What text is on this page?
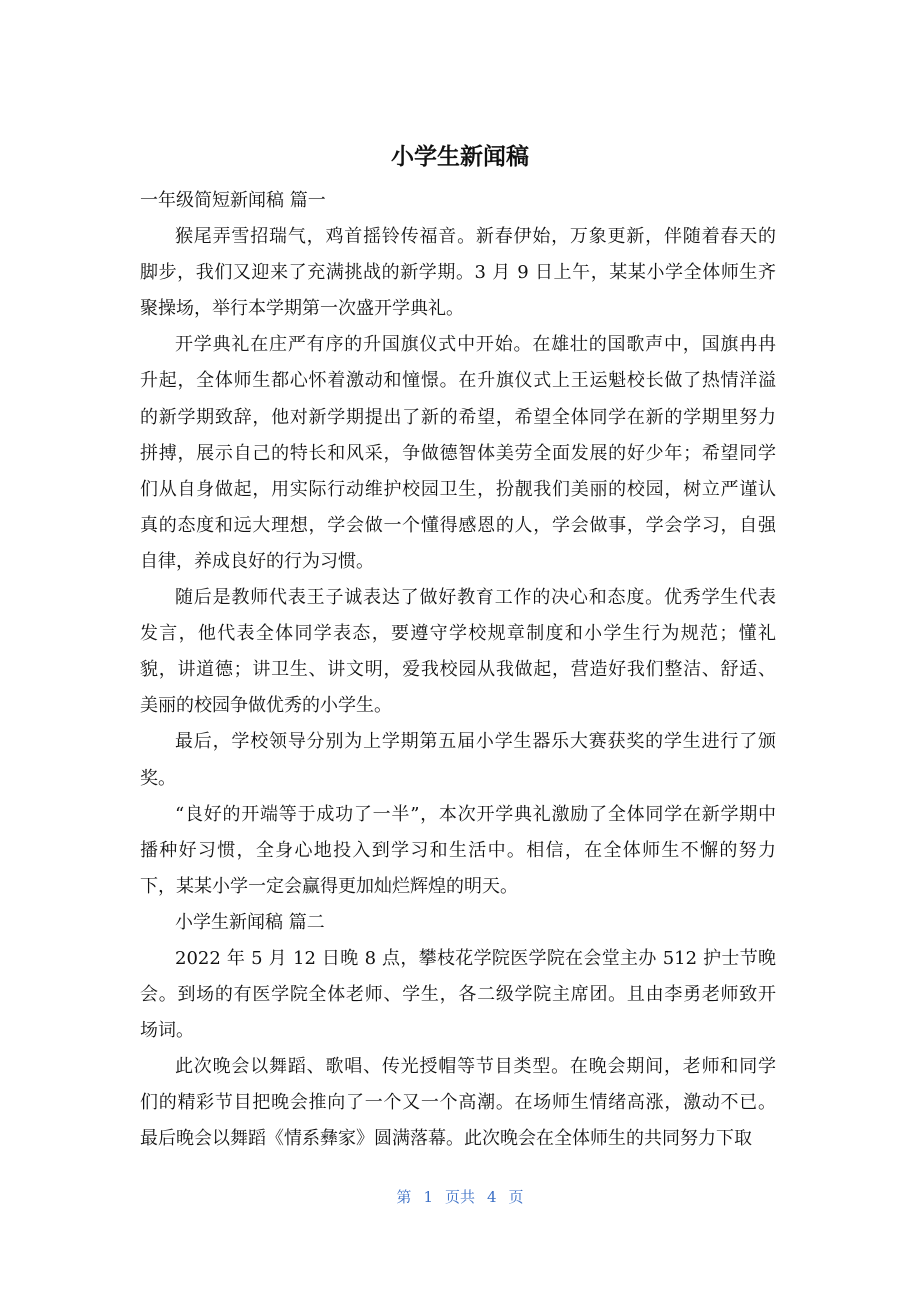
小学生新闻稿
一年级简短新闻稿 篇一
猴尾弄雪招瑞气，鸡首摇铃传福音。新春伊始，万象更新，伴随着春天的
脚步，我们又迎来了充满挑战的新学期。3 月 9 日上午，某某小学全体师生齐
聚操场，举行本学期第一次盛开学典礼。
开学典礼在庄严有序的升国旗仪式中开始。在雄壮的国歌声中，国旗冉冉
升起，全体师生都心怀着激动和憧憬。在升旗仪式上王运魁校长做了热情洋溢
的新学期致辞，他对新学期提出了新的希望，希望全体同学在新的学期里努力
拼搏，展示自己的特长和风采，争做德智体美劳全面发展的好少年；希望同学
们从自身做起，用实际行动维护校园卫生，扮靓我们美丽的校园，树立严谨认
真的态度和远大理想，学会做一个懂得感恩的人，学会做事，学会学习，自强
自律，养成良好的行为习惯。
随后是教师代表王子诚表达了做好教育工作的决心和态度。优秀学生代表
发言，他代表全体同学表态，要遵守学校规章制度和小学生行为规范；懂礼
貌，讲道德；讲卫生、讲文明，爱我校园从我做起，营造好我们整洁、舒适、
美丽的校园争做优秀的小学生。
最后，学校领导分别为上学期第五届小学生器乐大赛获奖的学生进行了颁
奖。
“良好的开端等于成功了一半”，本次开学典礼激励了全体同学在新学期中
播种好习惯，全身心地投入到学习和生活中。相信，在全体师生不懈的努力
下，某某小学一定会赢得更加灿烂辉煌的明天。
小学生新闻稿 篇二
2022 年 5 月 12 日晚 8 点，攀枝花学院医学院在会堂主办 512 护士节晚
会。到场的有医学院全体老师、学生，各二级学院主席团。且由李勇老师致开
场词。
此次晚会以舞蹈、歌唱、传光授帽等节目类型。在晚会期间，老师和同学
们的精彩节目把晚会推向了一个又一个高潮。在场师生情绪高涨，激动不已。
最后晚会以舞蹈《情系彝家》圆满落幕。此次晚会在全体师生的共同努力下取
第 1 页共 4 页
